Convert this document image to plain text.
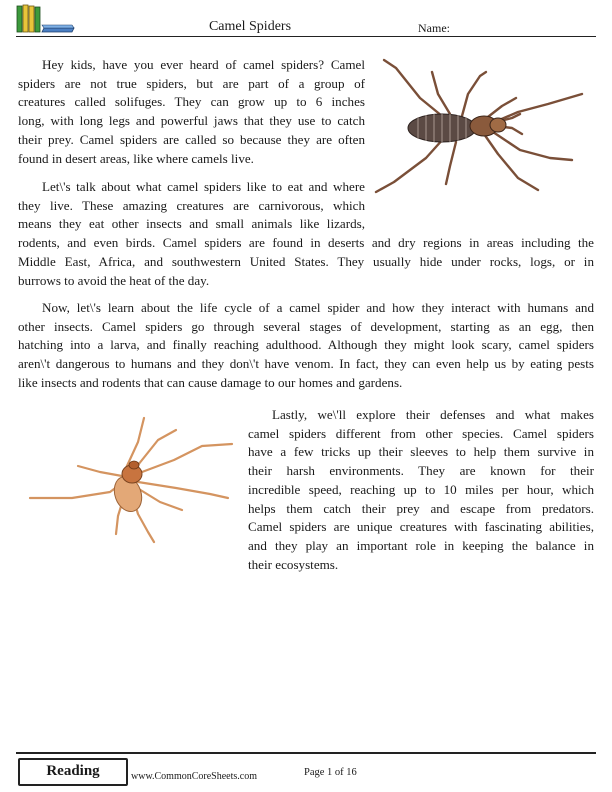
Camel Spiders	Name:
Hey kids, have you ever heard of camel spiders? Camel
spiders are not true spiders, but are part of a group of
creatures called solifuges. They can grow up to 6 inches
long, with long legs and powerful jaws that they use to catch
their prey. Camel spiders are called so because they are often
found in desert areas, like where camels live.
Let\'s talk about what camel spiders like to eat and where
they live. These amazing creatures are carnivorous, which
means they eat other insects and small animals like lizards,
rodents, and even birds. Camel spiders are found in deserts and dry regions in areas including the
Middle East, Africa, and southwestern United States. They usually hide under rocks, logs, or in
burrows to avoid the heat of the day.
Now, let\'s learn about the life cycle of a camel spider and how they interact with humans and
other insects. Camel spiders go through several stages of development, starting as an egg, then
hatching into a larva, and finally reaching adulthood. Although they might look scary, camel spiders
aren\'t dangerous to humans and they don\'t have venom. In fact, they can even help us by eating pests
like insects and rodents that can cause damage to our homes and gardens.
Lastly, we\'ll explore their defenses and what makes
camel spiders different from other species. Camel spiders
have a few tricks up their sleeves to help them survive in
their harsh environments. They are known for their
incredible speed, reaching up to 10 miles per hour, which
helps them catch their prey and escape from predators.
Camel spiders are unique creatures with fascinating abilities,
and they play an important role in keeping the balance in
their ecosystems.
Reading	www.CommonCoreSheets.com	Page 1 of 16
